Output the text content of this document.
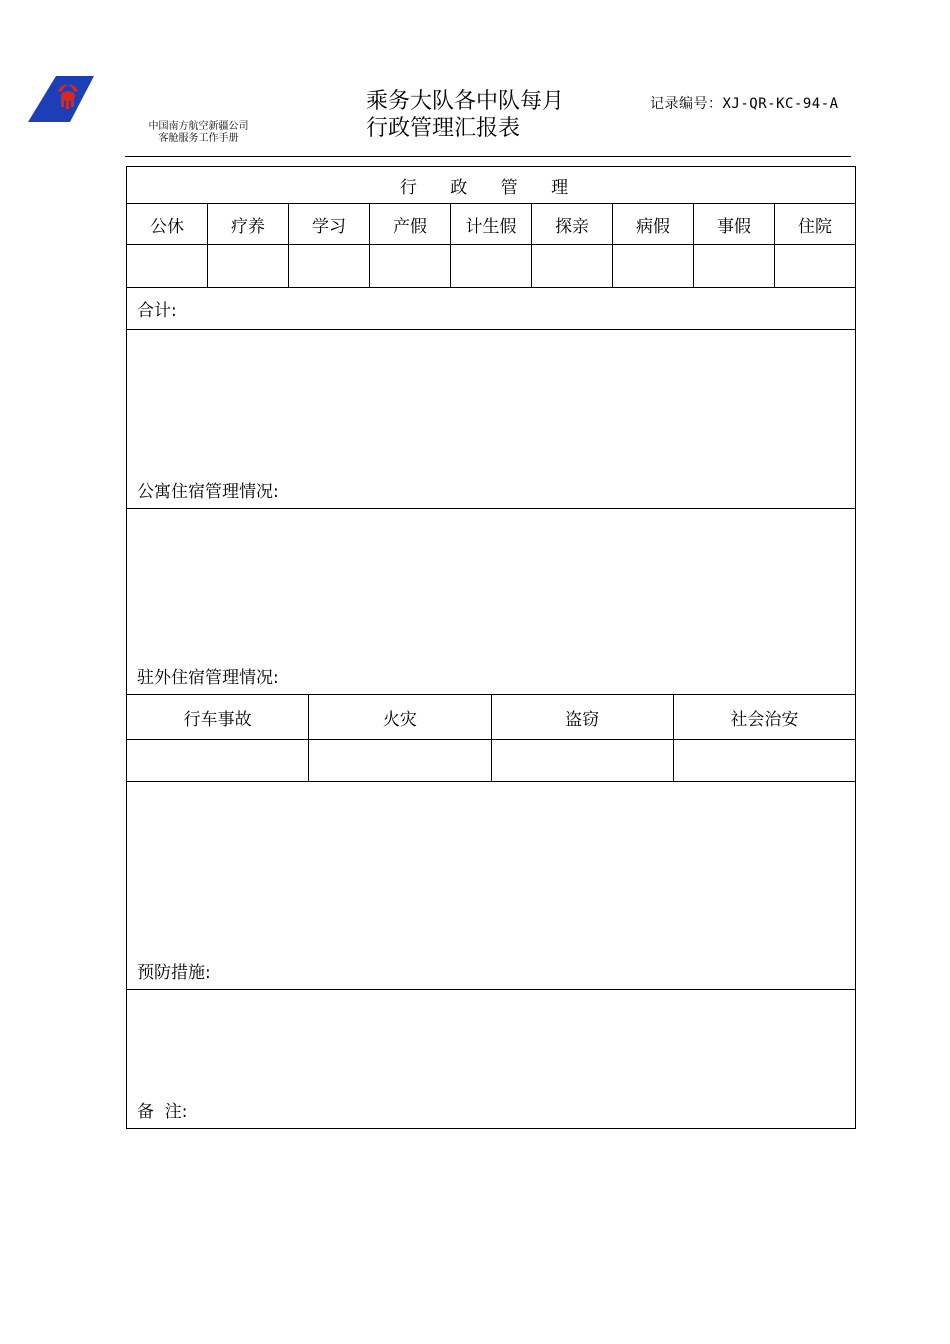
中国南方航空新疆公司
客舱服务工作手册
乘务大队各中队每月
行政管理汇报表
记录编号：XJ-QR-KC-94-A
行 政 管 理								
公休	疗养	学习	产假	计生假	探亲	病假	事假	住院

合计:								
公寓住宿管理情况:								
驻外住宿管理情况:								
行车事故	火灾	盗窃	社会治安

预防措施:
备  注:
